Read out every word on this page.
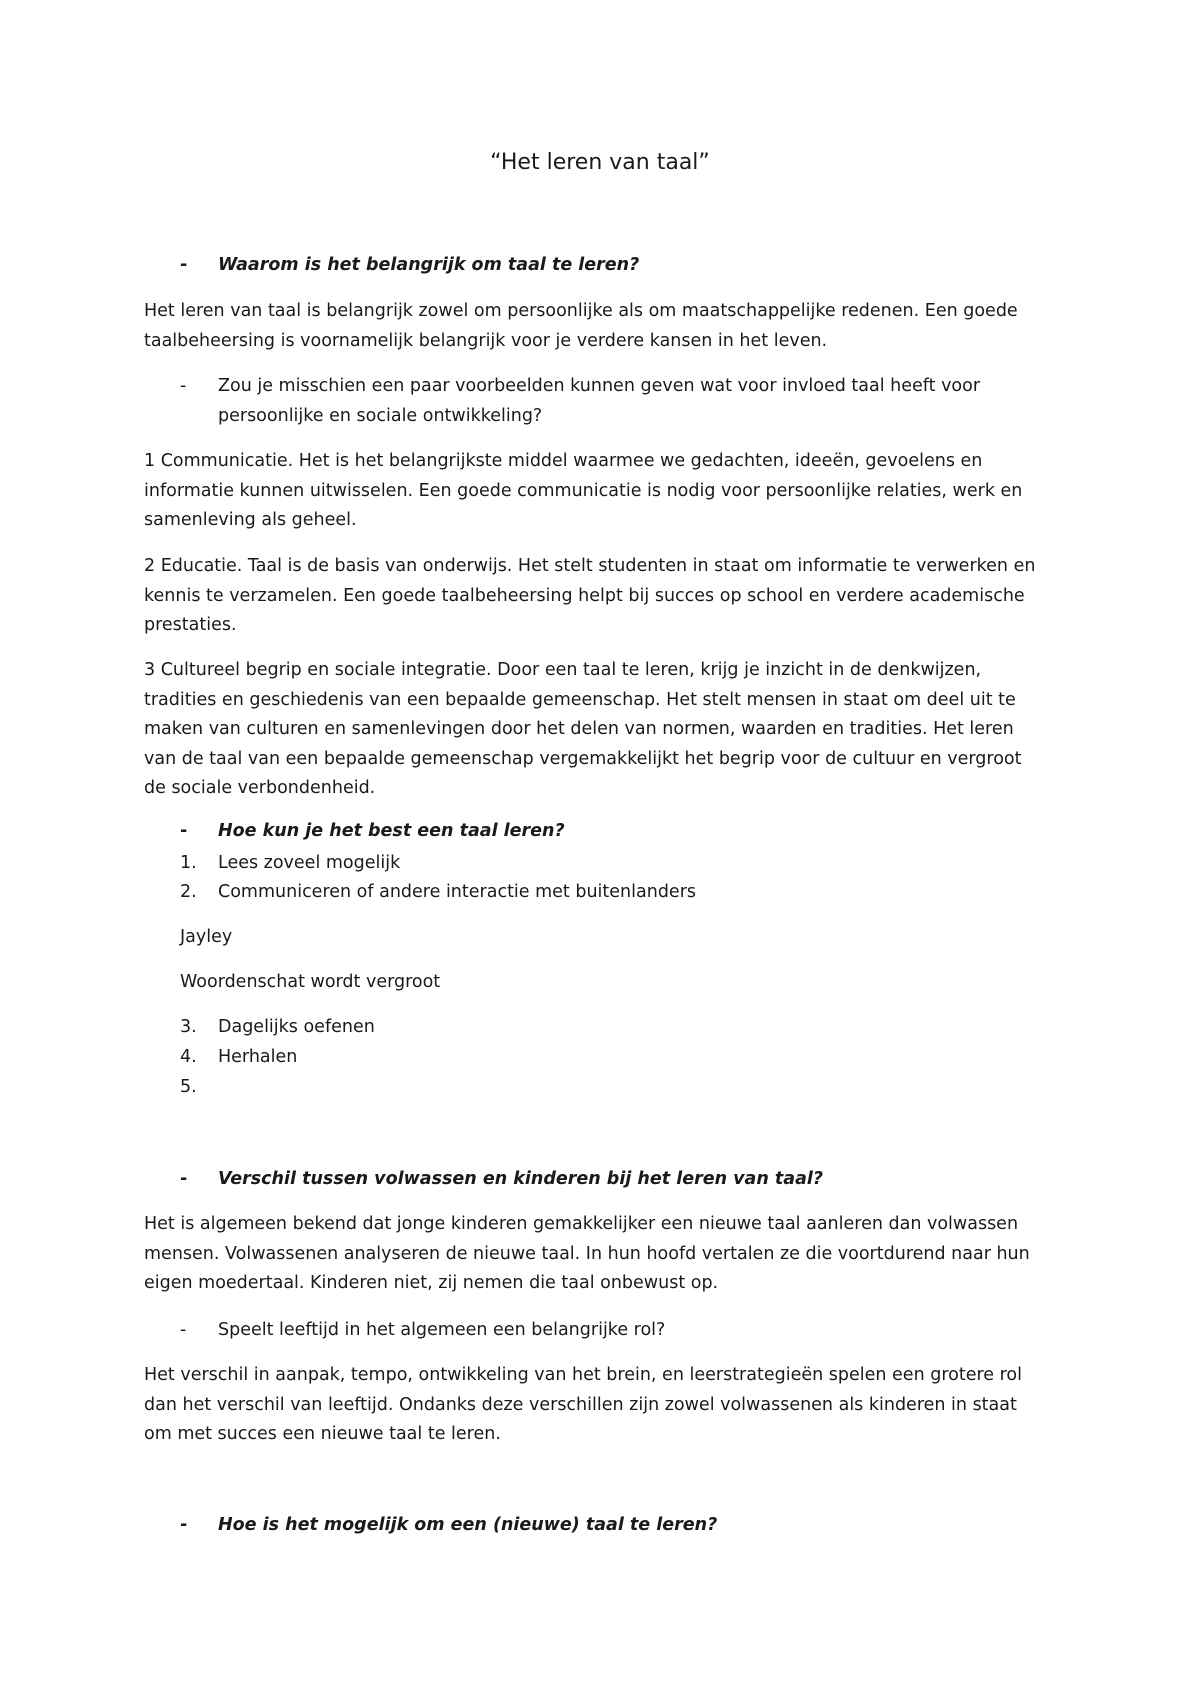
“Het leren van taal”
- Waarom is het belangrijk om taal te leren?

Het leren van taal is belangrijk zowel om persoonlijke als om maatschappelijke redenen. Een goede

taalbeheersing is voornamelijk belangrijk voor je verdere kansen in het leven.

- Zou je misschien een paar voorbeelden kunnen geven wat voor invloed taal heeft voor
persoonlijke en sociale ontwikkeling?

1 Communicatie. Het is het belangrijkste middel waarmee we gedachten, ideeën, gevoelens en

informatie kunnen uitwisselen. Een goede communicatie is nodig voor persoonlijke relaties, werk en

samenleving als geheel.

2 Educatie. Taal is de basis van onderwijs. Het stelt studenten in staat om informatie te verwerken en

kennis te verzamelen. Een goede taalbeheersing helpt bij succes op school en verdere academische

prestaties.

3 Cultureel begrip en sociale integratie. Door een taal te leren, krijg je inzicht in de denkwijzen,

tradities en geschiedenis van een bepaalde gemeenschap. Het stelt mensen in staat om deel uit te

maken van culturen en samenlevingen door het delen van normen, waarden en tradities. Het leren

van de taal van een bepaalde gemeenschap vergemakkelijkt het begrip voor de cultuur en vergroot

de sociale verbondenheid.

- Hoe kun je het best een taal leren?
1. Lees zoveel mogelijk
2. Communiceren of andere interactie met buitenlanders
Jayley
Woordenschat wordt vergroot
3. Dagelijks oefenen
4. Herhalen
5.
- Verschil tussen volwassen en kinderen bij het leren van taal?

Het is algemeen bekend dat jonge kinderen gemakkelijker een nieuwe taal aanleren dan volwassen

mensen. Volwassenen analyseren de nieuwe taal. In hun hoofd vertalen ze die voortdurend naar hun

eigen moedertaal. Kinderen niet, zij nemen die taal onbewust op.

- Speelt leeftijd in het algemeen een belangrijke rol?

Het verschil in aanpak, tempo, ontwikkeling van het brein, en leerstrategieën spelen een grotere rol

dan het verschil van leeftijd. Ondanks deze verschillen zijn zowel volwassenen als kinderen in staat

om met succes een nieuwe taal te leren.

- Hoe is het mogelijk om een (nieuwe) taal te leren?
